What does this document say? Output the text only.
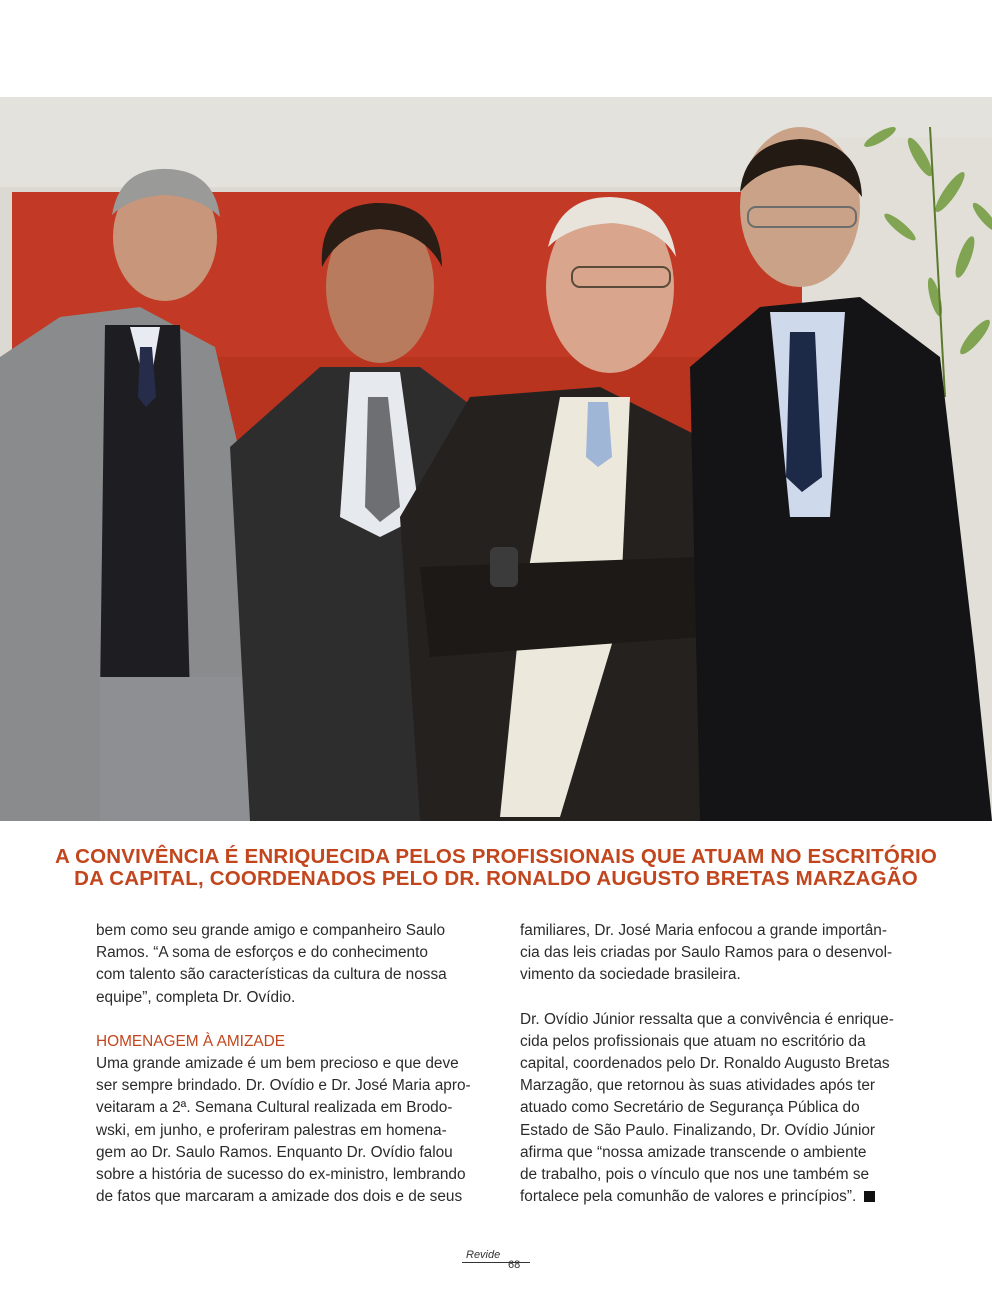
A CONVIVÊNCIA É ENRIQUECIDA PELOS PROFISSIONAIS QUE ATUAM NO ESCRITÓRIO
DA CAPITAL, COORDENADOS PELO DR. RONALDO AUGUSTO BRETAS MARZAGÃO

bem como seu grande amigo e companheiro Saulo
Ramos. “A soma de esforços e do conhecimento
com talento são características da cultura de nossa
equipe”, completa Dr. Ovídio.

HOMENAGEM À AMIZADE

Uma grande amizade é um bem precioso e que deve
ser sempre brindado. Dr. Ovídio e Dr. José Maria apro-
veitaram a 2ª. Semana Cultural realizada em Brodo-
wski, em junho, e proferiram palestras em homena-
gem ao Dr. Saulo Ramos. Enquanto Dr. Ovídio falou
sobre a história de sucesso do ex-ministro, lembrando
de fatos que marcaram a amizade dos dois e de seus

familiares, Dr. José Maria enfocou a grande importân-
cia das leis criadas por Saulo Ramos para o desenvol-
vimento da sociedade brasileira.

Dr. Ovídio Júnior ressalta que a convivência é enrique-
cida pelos profissionais que atuam no escritório da
capital, coordenados pelo Dr. Ronaldo Augusto Bretas
Marzagão, que retornou às suas atividades após ter
atuado como Secretário de Segurança Pública do
Estado de São Paulo. Finalizando, Dr. Ovídio Júnior
afirma que “nossa amizade transcende o ambiente
de trabalho, pois o vínculo que nos une também se
fortalece pela comunhão de valores e princípios”.

Revide
68
